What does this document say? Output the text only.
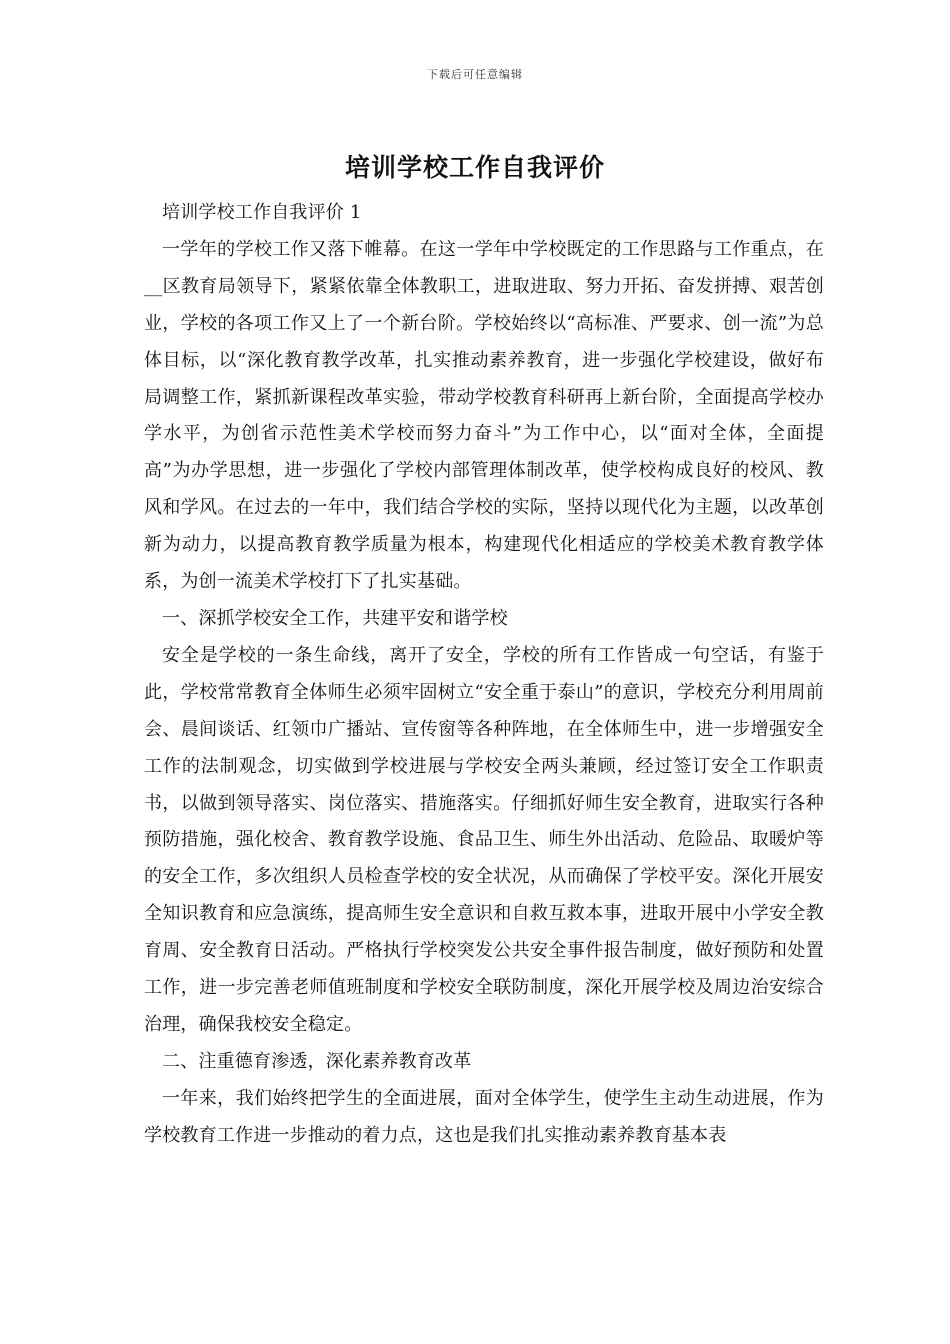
下载后可任意编辑
培训学校工作自我评价

培训学校工作自我评价 1

一学年的学校工作又落下帷幕。在这一学年中学校既定的工作思路与工作重点，在__区教育局领导下，紧紧依靠全体教职工，进取进取、努力开拓、奋发拼搏、艰苦创业，学校的各项工作又上了一个新台阶。学校始终以“高标准、严要求、创一流”为总体目标，以“深化教育教学改革，扎实推动素养教育，进一步强化学校建设，做好布局调整工作，紧抓新课程改革实验，带动学校教育科研再上新台阶，全面提高学校办学水平，为创省示范性美术学校而努力奋斗”为工作中心，以“面对全体，全面提高”为办学思想，进一步强化了学校内部管理体制改革，使学校构成良好的校风、教风和学风。在过去的一年中，我们结合学校的实际，坚持以现代化为主题，以改革创新为动力，以提高教育教学质量为根本，构建现代化相适应的学校美术教育教学体系，为创一流美术学校打下了扎实基础。

一、深抓学校安全工作，共建平安和谐学校

安全是学校的一条生命线，离开了安全，学校的所有工作皆成一句空话，有鉴于此，学校常常教育全体师生必须牢固树立“安全重于泰山”的意识，学校充分利用周前会、晨间谈话、红领巾广播站、宣传窗等各种阵地，在全体师生中，进一步增强安全工作的法制观念，切实做到学校进展与学校安全两头兼顾，经过签订安全工作职责书，以做到领导落实、岗位落实、措施落实。仔细抓好师生安全教育，进取实行各种预防措施，强化校舍、教育教学设施、食品卫生、师生外出活动、危险品、取暖炉等的安全工作，多次组织人员检查学校的安全状况，从而确保了学校平安。深化开展安全知识教育和应急演练，提高师生安全意识和自救互救本事，进取开展中小学安全教育周、安全教育日活动。严格执行学校突发公共安全事件报告制度，做好预防和处置工作，进一步完善老师值班制度和学校安全联防制度，深化开展学校及周边治安综合治理，确保我校安全稳定。

二、注重德育渗透，深化素养教育改革

一年来，我们始终把学生的全面进展，面对全体学生，使学生主动生动进展，作为学校教育工作进一步推动的着力点，这也是我们扎实推动素养教育基本表
